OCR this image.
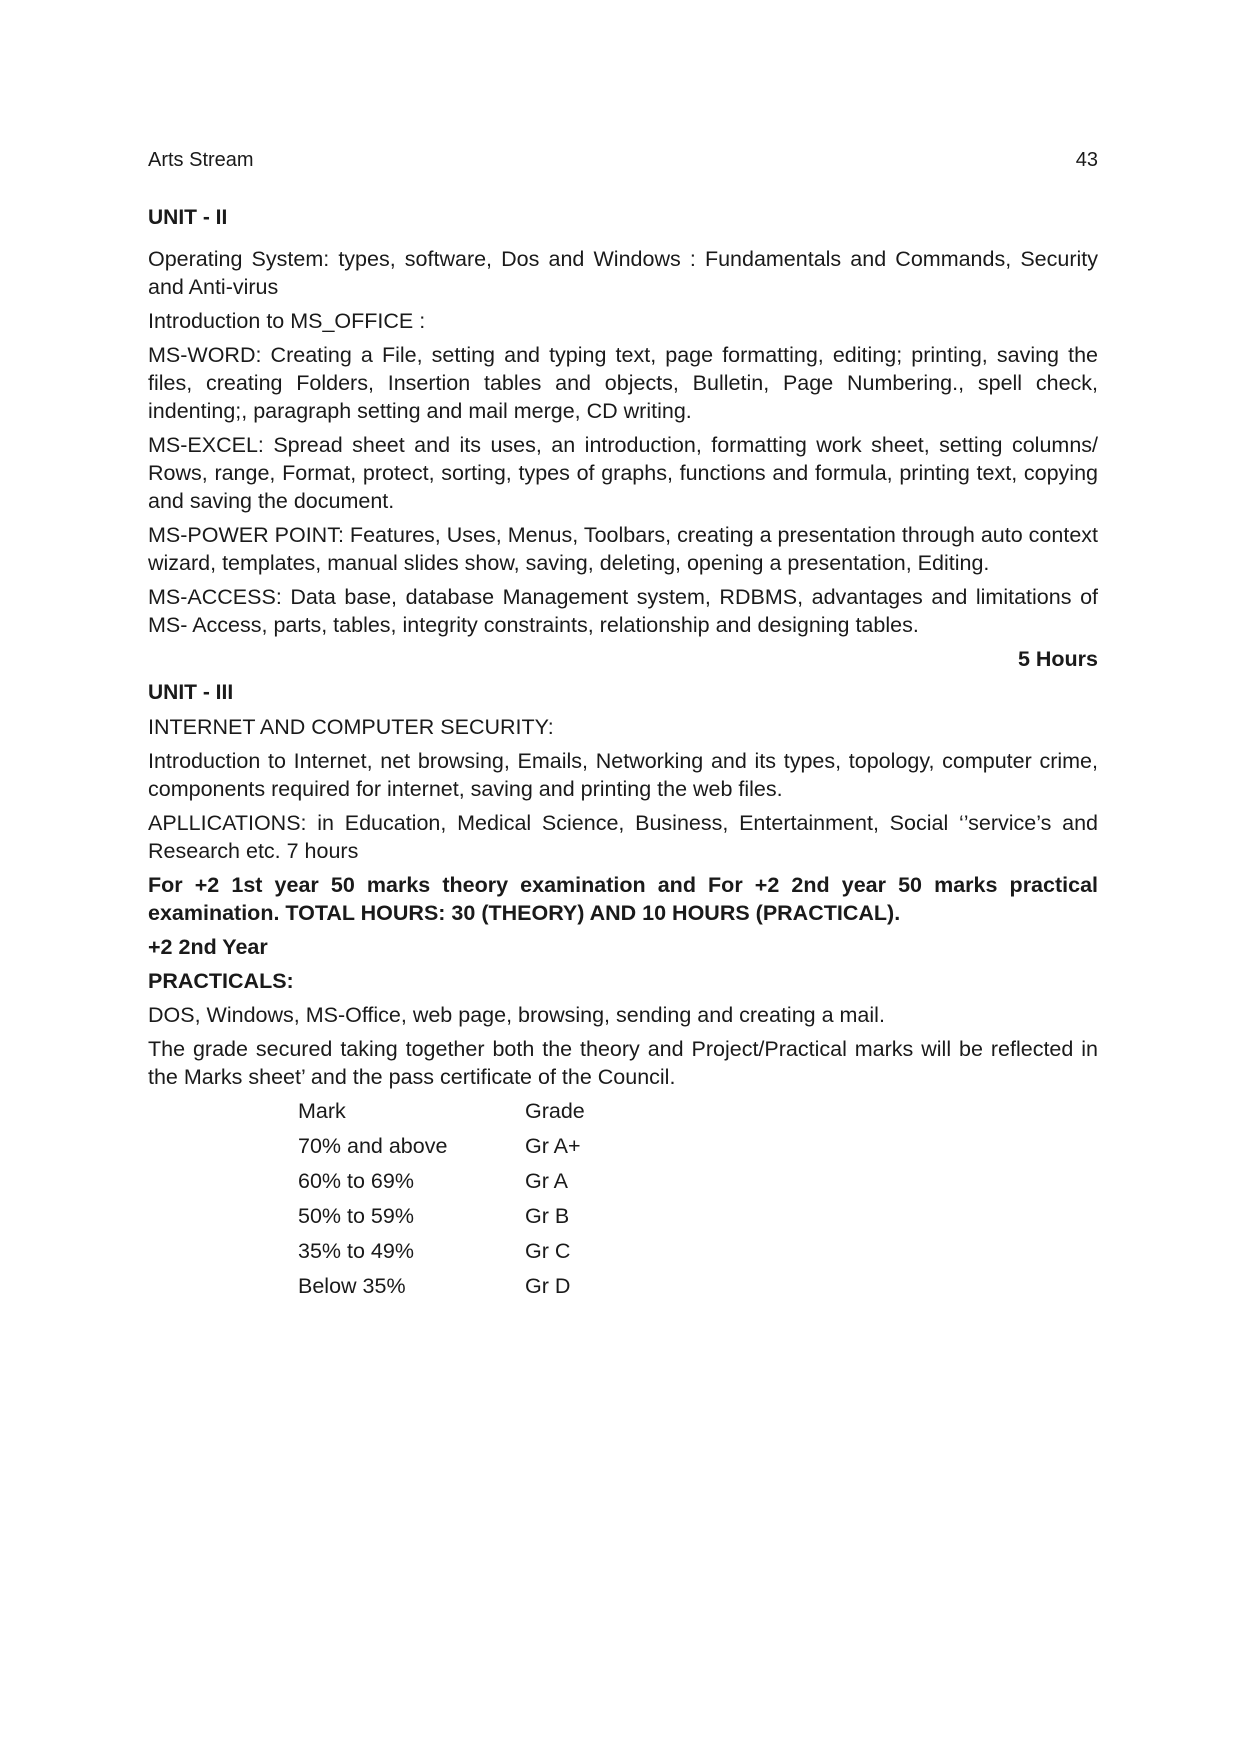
Arts Stream	43
UNIT - II

Operating System: types, software, Dos and Windows : Fundamentals and Commands, Security and Anti-virus

Introduction to MS_OFFICE :

MS-WORD: Creating a File, setting and typing text, page formatting, editing; printing, saving the files, creating Folders, Insertion tables and objects, Bulletin, Page Numbering., spell check, indenting;, paragraph setting and mail merge, CD writing.

MS-EXCEL: Spread sheet and its uses, an introduction, formatting work sheet, setting columns/ Rows, range, Format, protect, sorting, types of graphs, functions and formula, printing text, copying and saving the document.

MS-POWER POINT: Features, Uses, Menus, Toolbars, creating a presentation through auto context wizard, templates, manual slides show, saving, deleting, opening a presentation, Editing.

MS-ACCESS: Data base, database Management system, RDBMS, advantages and limitations of MS- Access, parts, tables, integrity constraints, relationship and designing tables.

5 Hours
UNIT - III

INTERNET AND COMPUTER SECURITY:

Introduction to Internet, net browsing, Emails, Networking and its types, topology, computer crime, components required for internet, saving and printing the web files.

APLLICATIONS: in Education, Medical Science, Business, Entertainment, Social ‘’service’s and Research etc. 7 hours

For +2 1st year 50 marks theory examination and For +2 2nd year 50 marks practical examination. TOTAL HOURS: 30 (THEORY) AND 10 HOURS (PRACTICAL).
+2 2nd Year
PRACTICALS:

DOS, Windows, MS-Office, web page, browsing, sending and creating a mail.

The grade secured taking together both the theory and Project/Practical marks will be reflected in the Marks sheet’ and the pass certificate of the Council.

Mark	Grade
70% and above	Gr A+
60% to 69%	Gr A
50% to 59%	Gr B
35% to 49%	Gr C
Below 35%	Gr D
